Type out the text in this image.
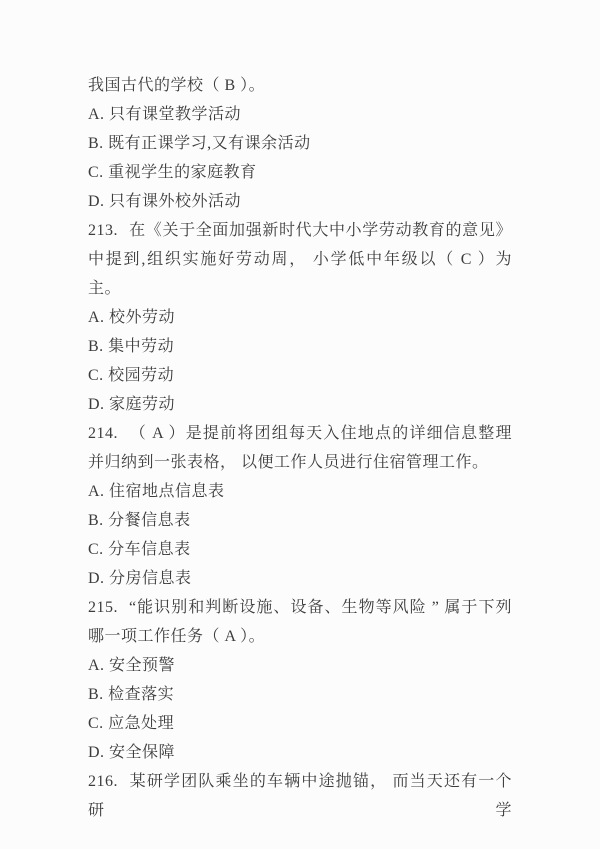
我国古代的学校（ B ）。

A. 只有课堂教学活动

B. 既有正课学习,又有课余活动

C. 重视学生的家庭教育

D. 只有课外校外活动

213. 在《关于全面加强新时代大中小学劳动教育的意见》中提到,组织实施好劳动周， 小学低中年级以（ C ）为主。

A. 校外劳动

B. 集中劳动

C. 校园劳动

D. 家庭劳动

214. （ A ）是提前将团组每天入住地点的详细信息整理并归纳到一张表格， 以便工作人员进行住宿管理工作。

A. 住宿地点信息表

B. 分餐信息表

C. 分车信息表

D. 分房信息表

215. “能识别和判断设施、设备、生物等风险 ” 属于下列哪一项工作任务（ A ）。

A. 安全预警

B. 检查落实

C. 应急处理

D. 安全保障

216. 某研学团队乘坐的车辆中途抛锚， 而当天还有一个研学
